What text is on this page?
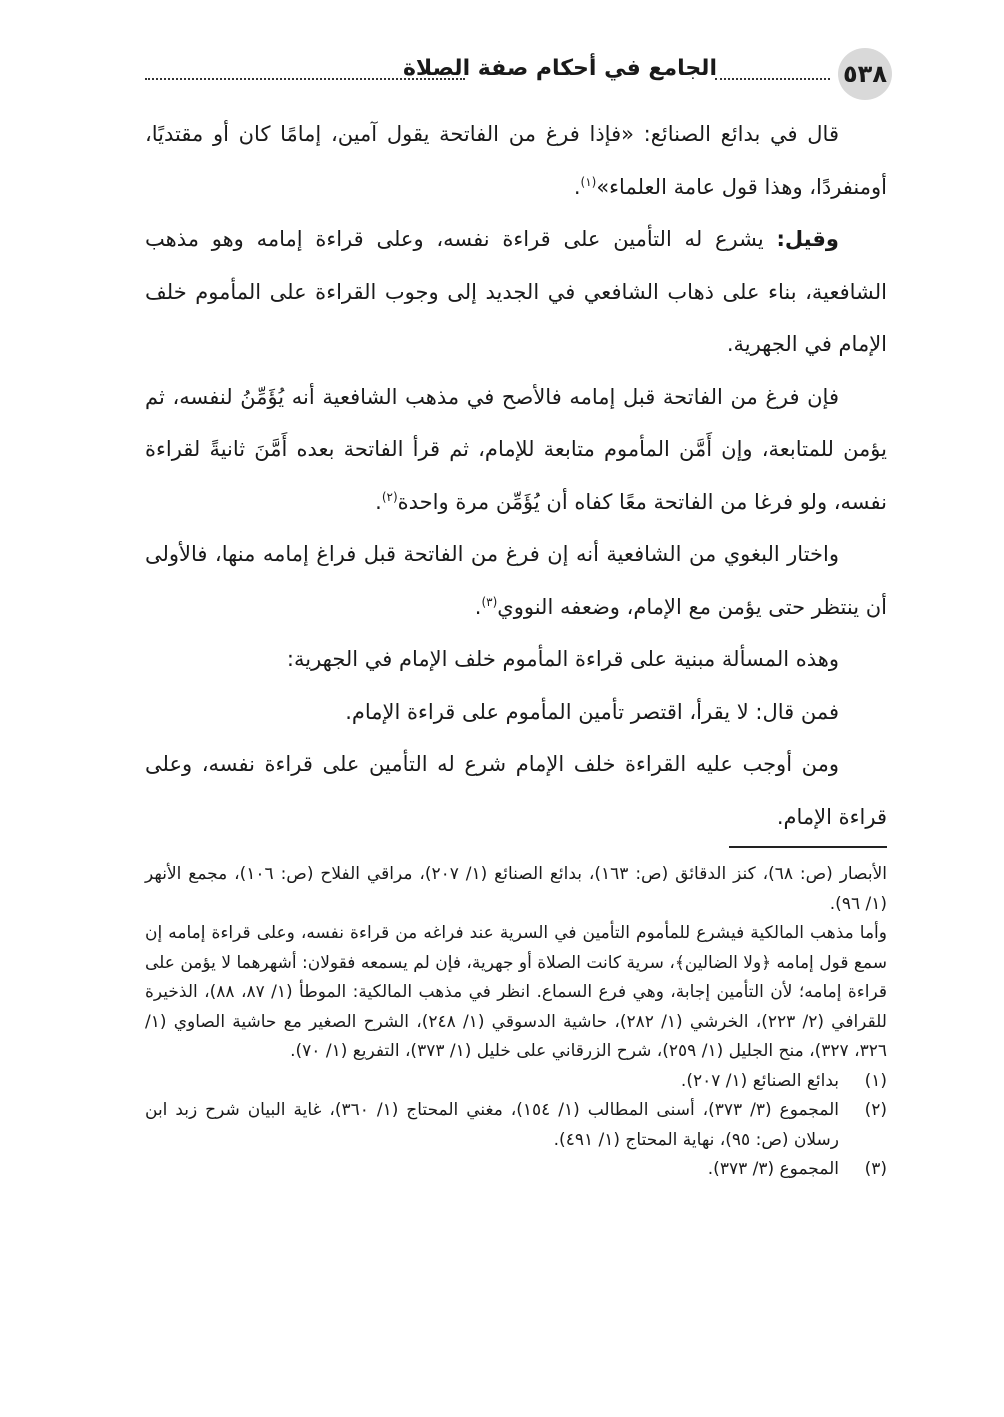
٥٣٨
الجامع في أحكام صفة الصلاة

قال في بدائع الصنائع: «فإذا فرغ من الفاتحة يقول آمين، إمامًا كان أو مقتديًا، أومنفردًا، وهذا قول عامة العلماء»$^{(١)}$.

وقيل: يشرع له التأمين على قراءة نفسه، وعلى قراءة إمامه وهو مذهب الشافعية، بناء على ذهاب الشافعي في الجديد إلى وجوب القراءة على المأموم خلف الإمام في الجهرية.

فإن فرغ من الفاتحة قبل إمامه فالأصح في مذهب الشافعية أنه يُؤَمِّنُ لنفسه، ثم يؤمن للمتابعة، وإن أَمَّن المأموم متابعة للإمام، ثم قرأ الفاتحة بعده أَمَّنَ ثانيةً لقراءة نفسه، ولو فرغا من الفاتحة معًا كفاه أن يُؤَمِّن مرة واحدة$^{(٢)}$.

واختار البغوي من الشافعية أنه إن فرغ من الفاتحة قبل فراغ إمامه منها، فالأولى أن ينتظر حتى يؤمن مع الإمام، وضعفه النووي$^{(٣)}$.

وهذه المسألة مبنية على قراءة المأموم خلف الإمام في الجهرية:

فمن قال: لا يقرأ، اقتصر تأمين المأموم على قراءة الإمام.

ومن أوجب عليه القراءة خلف الإمام شرع له التأمين على قراءة نفسه، وعلى قراءة الإمام.

الأبصار (ص: ٦٨)، كنز الدقائق (ص: ١٦٣)، بدائع الصنائع (١/ ٢٠٧)، مراقي الفلاح (ص: ١٠٦)، مجمع الأنهر (١/ ٩٦).

وأما مذهب المالكية فيشرع للمأموم التأمين في السرية عند فراغه من قراءة نفسه، وعلى قراءة إمامه إن سمع قول إمامه ﴿ولا الضالين﴾، سرية كانت الصلاة أو جهرية، فإن لم يسمعه فقولان: أشهرهما لا يؤمن على قراءة إمامه؛ لأن التأمين إجابة، وهي فرع السماع. انظر في مذهب المالكية: الموطأ (١/ ٨٧، ٨٨)، الذخيرة للقرافي (٢/ ٢٢٣)، الخرشي (١/ ٢٨٢)، حاشية الدسوقي (١/ ٢٤٨)، الشرح الصغير مع حاشية الصاوي (١/ ٣٢٦، ٣٢٧)، منح الجليل (١/ ٢٥٩)، شرح الزرقاني على خليل (١/ ٣٧٣)، التفريع (١/ ٧٠).

(١)
بدائع الصنائع (١/ ٢٠٧).
(٢)
المجموع (٣/ ٣٧٣)، أسنى المطالب (١/ ١٥٤)، مغني المحتاج (١/ ٣٦٠)، غاية البيان شرح زبد ابن رسلان (ص: ٩٥)، نهاية المحتاج (١/ ٤٩١).
(٣)
المجموع (٣/ ٣٧٣).
